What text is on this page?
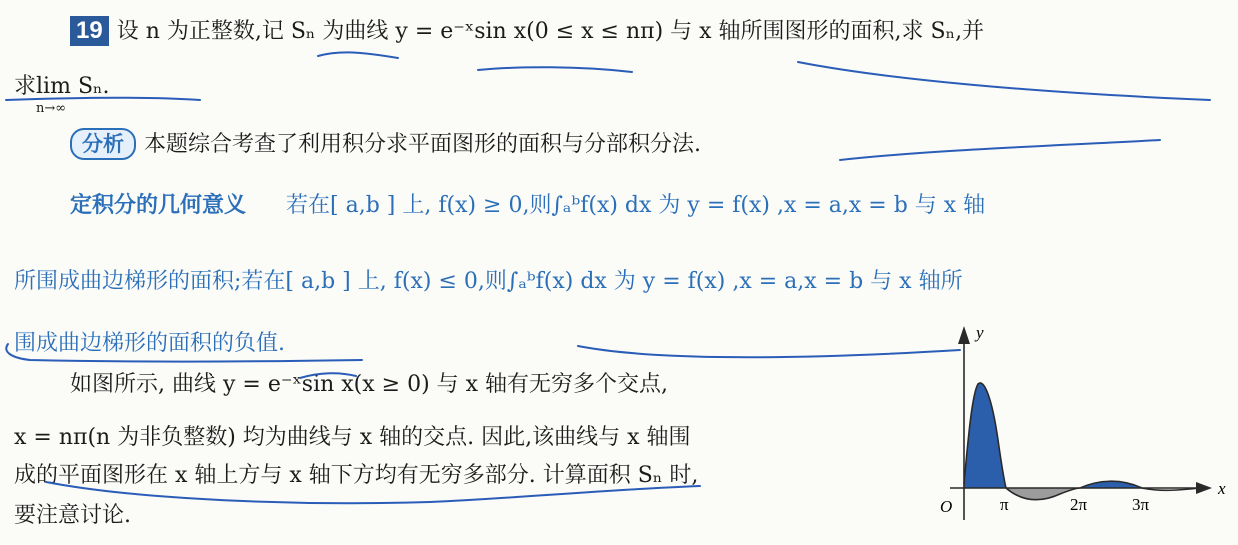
19 设 n 为正整数,记 Sₙ 为曲线 y = e⁻ˣsin x(0 ≤ x ≤ nπ) 与 x 轴所围图形的面积,求 Sₙ,并
求lim
n→∞
Sₙ.
分析 本题综合考查了利用积分求平面图形的面积与分部积分法.
定积分的几何意义 若在[ a,b ] 上, f(x) ≥ 0,则∫ₐᵇf(x) dx 为 y = f(x) ,x = a,x = b 与 x 轴
所围成曲边梯形的面积;若在[ a,b ] 上, f(x) ≤ 0,则∫ₐᵇf(x) dx 为 y = f(x) ,x = a,x = b 与 x 轴所
围成曲边梯形的面积的负值.
如图所示, 曲线 y = e⁻ˣsin x(x ≥ 0) 与 x 轴有无穷多个交点,
x = nπ(n 为非负整数) 均为曲线与 x 轴的交点. 因此,该曲线与 x 轴围
成的平面图形在 x 轴上方与 x 轴下方均有无穷多部分. 计算面积 Sₙ 时,
要注意讨论.
y
x
O	π	2π	3π
